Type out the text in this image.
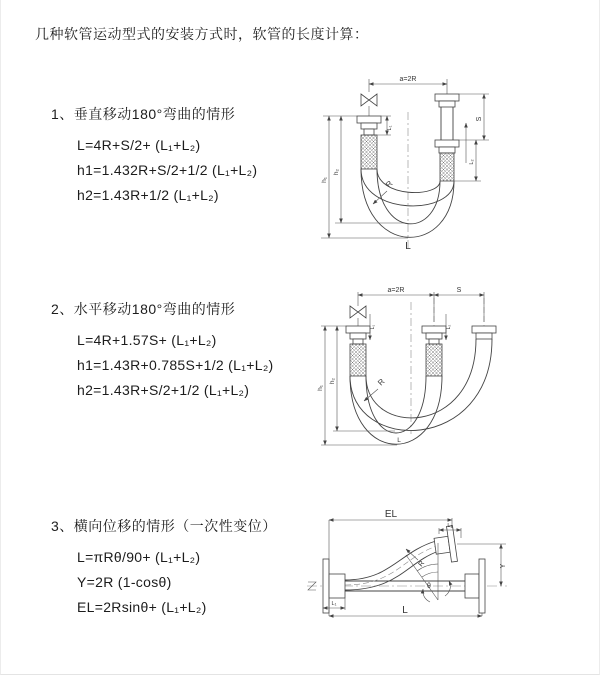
几种软管运动型式的安装方式时，软管的长度计算：
1、垂直移动180°弯曲的情形
L=4R+S/2+ (L₁+L₂)
h1=1.432R+S/2+1/2 (L₁+L₂)
h2=1.43R+1/2 (L₁+L₂)
2、水平移动180°弯曲的情形
L=4R+1.57S+ (L₁+L₂)
h1=1.43R+0.785S+1/2 (L₁+L₂)
h2=1.43R+S/2+1/2 (L₁+L₂)
3、横向位移的情形（一次性变位）
L=πRθ/90+ (L₁+L₂)
Y=2R (1-cosθ)
EL=2Rsinθ+ (L₁+L₂)
a=2R
h₁
h₂
L₁
S
L₂
R
L
a=2R	S
L₁	L₂
h₁
h₂	R
L
θ
R
EL
L₂
Y
L₁
L
